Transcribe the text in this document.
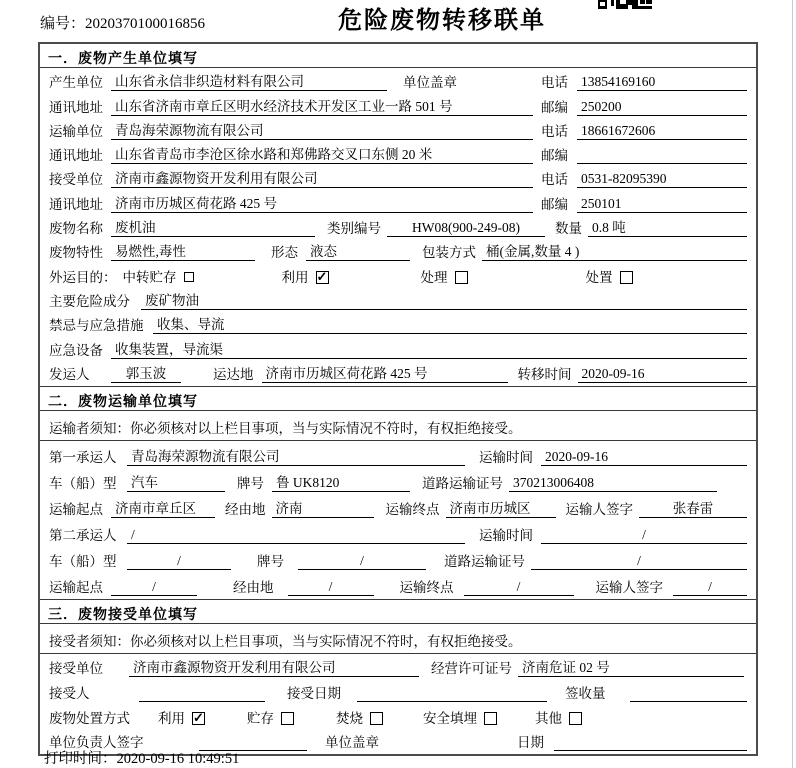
编号：2020370100016856	危险废物转移联单
一．废物产生单位填写
产生单位 山东省永信非织造材料有限公司	单位盖章	电话 13854169160
通讯地址 山东省济南市章丘区明水经济技术开发区工业一路 501 号	邮编 250200
运输单位 青岛海荣源物流有限公司	电话 18661672606
通讯地址 山东省青岛市李沧区徐水路和郑佛路交叉口东侧 20 米	邮编
接受单位 济南市鑫源物资开发利用有限公司	电话 0531-82095390
通讯地址 济南市历城区荷花路 425 号	邮编 250101
废物名称 废机油	类别编号	HW08(900-249-08)	数量 0.8 吨
废物特性 易燃性,毒性	形态 液态	包装方式 桶(金属,数量 4 )
外运目的： 中转贮存	利用 ✓	处理	处置
主要危险成分	废矿物油
禁忌与应急措施	收集、导流
应急设备 收集装置，导流渠
发运人	郭玉波	运达地 济南市历城区荷花路 425 号	转移时间 2020-09-16
二．废物运输单位填写
运输者须知：你必须核对以上栏目事项，当与实际情况不符时，有权拒绝接受。
第一承运人	青岛海荣源物流有限公司	运输时间 2020-09-16
车（船）型	汽车	牌号 鲁 UK8120	道路运输证号 370213006408
运输起点 济南市章丘区	经由地 济南	运输终点 济南市历城区	运输人签字	张春雷
第二承运人	/	运输时间	/
车（船）型	/	牌号	/	道路运输证号	/
运输起点	/	经由地	/	运输终点	/	运输人签字	/
三．废物接受单位填写
接受者须知：你必须核对以上栏目事项，当与实际情况不符时，有权拒绝接受。
接受单位	济南市鑫源物资开发利用有限公司	经营许可证号 济南危证 02 号
接受人	接受日期	签收量
废物处置方式 利用 ✓	贮存	焚烧	安全填埋	其他
单位负责人签字	单位盖章	日期
打印时间：2020-09-16 10:49:51
